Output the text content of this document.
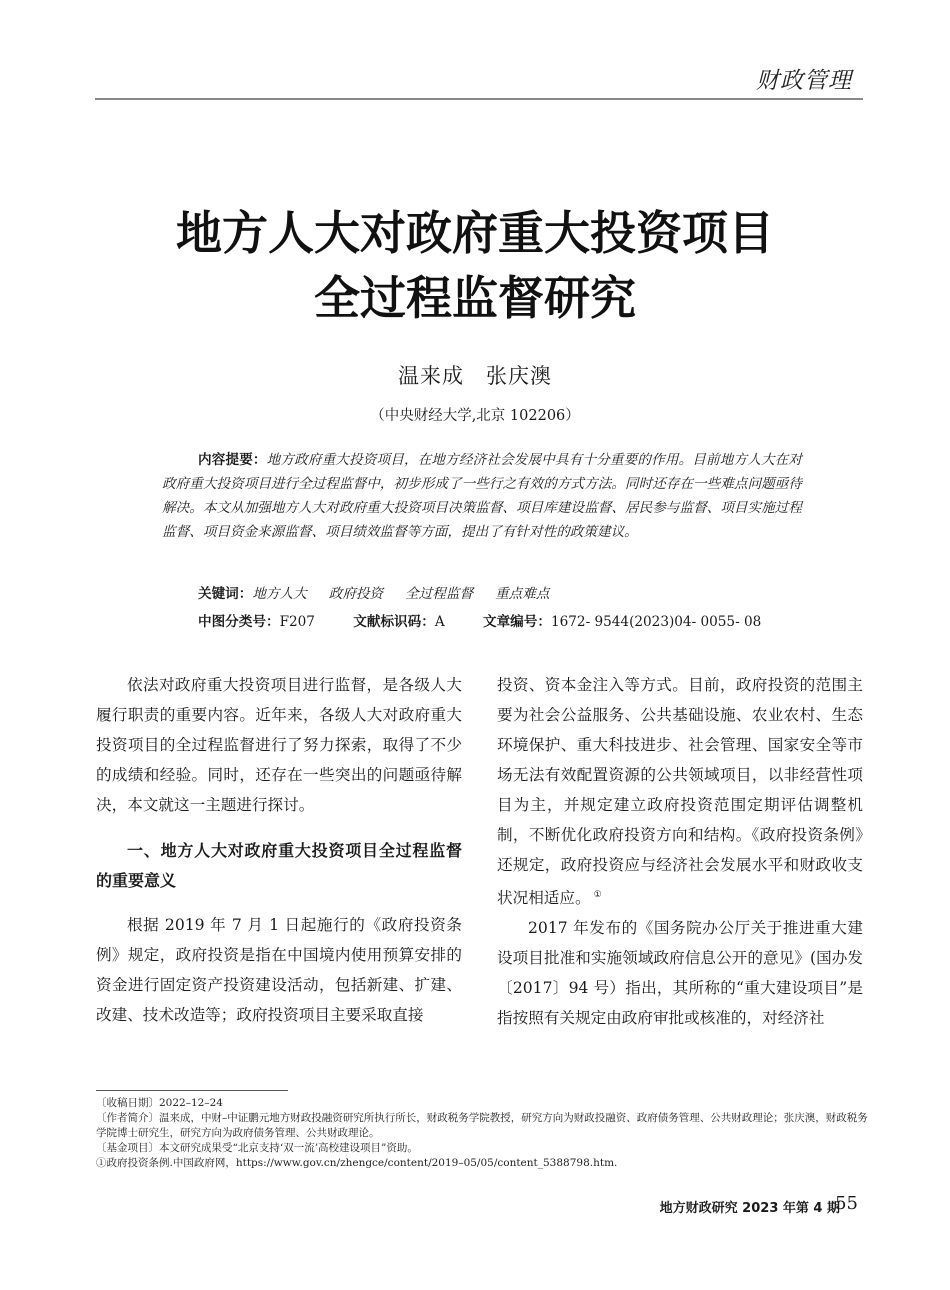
财政管理
地方人大对政府重大投资项目
全过程监督研究
温来成　张庆澳
（中央财经大学,北京 102206）
内容提要：地方政府重大投资项目，在地方经济社会发展中具有十分重要的作用。目前地方人大在对政府重大投资项目进行全过程监督中，初步形成了一些行之有效的方式方法。同时还存在一些难点问题亟待解决。本文从加强地方人大对政府重大投资项目决策监督、项目库建设监督、居民参与监督、项目实施过程监督、项目资金来源监督、项目绩效监督等方面，提出了有针对性的政策建议。
关键词：地方人大 政府投资 全过程监督 重点难点
中图分类号：F207	文献标识码：A	文章编号：1672- 9544(2023)04- 0055- 08

依法对政府重大投资项目进行监督，是各级人大履行职责的重要内容。近年来，各级人大对政府重大投资项目的全过程监督进行了努力探索，取得了不少的成绩和经验。同时，还存在一些突出的问题亟待解决，本文就这一主题进行探讨。

一、地方人大对政府重大投资项目全过程监督的重要意义

根据 2019 年 7 月 1 日起施行的《政府投资条例》规定，政府投资是指在中国境内使用预算安排的资金进行固定资产投资建设活动，包括新建、扩建、改建、技术改造等；政府投资项目主要采取直接

投资、资本金注入等方式。目前，政府投资的范围主要为社会公益服务、公共基础设施、农业农村、生态环境保护、重大科技进步、社会管理、国家安全等市场无法有效配置资源的公共领域项目，以非经营性项目为主，并规定建立政府投资范围定期评估调整机制，不断优化政府投资方向和结构。《政府投资条例》还规定，政府投资应与经济社会发展水平和财政收支状况相适应。 ①

2017 年发布的《国务院办公厅关于推进重大建设项目批准和实施领域政府信息公开的意见》(国办发〔2017〕94 号）指出，其所称的“重大建设项目”是指按照有关规定由政府审批或核准的，对经济社

〔收稿日期〕2022–12–24
〔作者简介〕温来成，中财–中证鹏元地方财政投融资研究所执行所长，财政税务学院教授，研究方向为财政投融资、政府债务管理、公共财政理论；张庆澳，财政税务学院博士研究生，研究方向为政府债务管理、公共财政理论。
〔基金项目〕本文研究成果受“北京支持‘双一流’高校建设项目”资助。
①政府投资条例.中国政府网，https://www.gov.cn/zhengce/content/2019–05/05/content_5388798.htm.
地方财政研究 2023 年第 4 期
55
